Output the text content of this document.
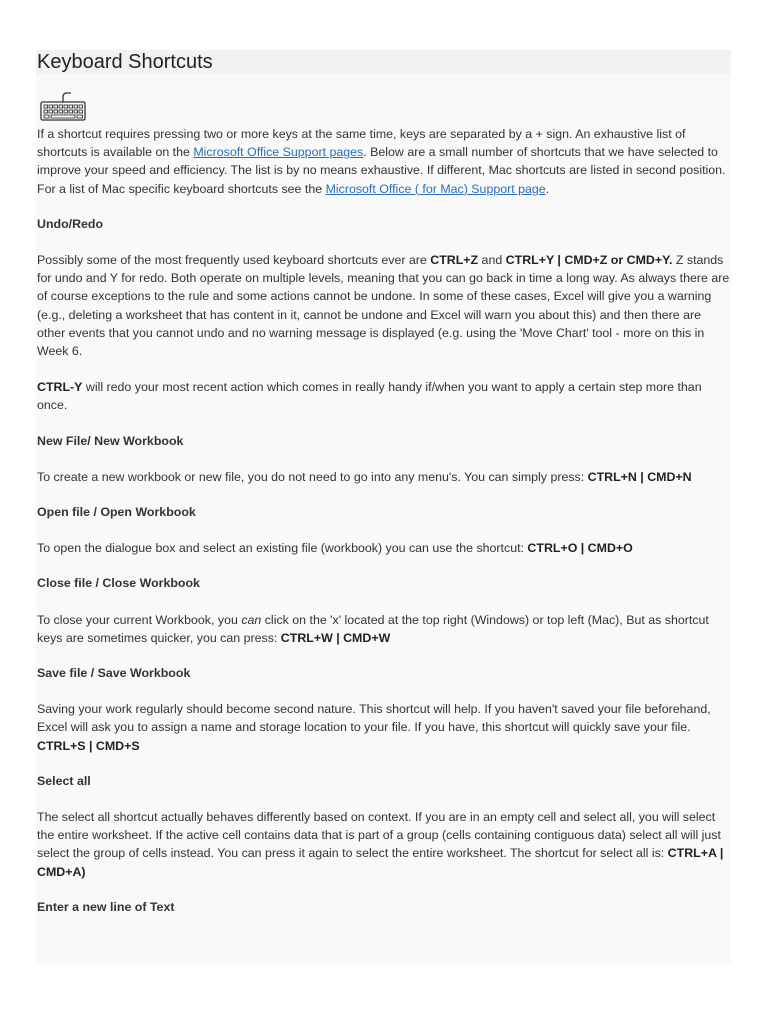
Keyboard Shortcuts

If a shortcut requires pressing two or more keys at the same time, keys are separated by a + sign. An exhaustive list of shortcuts is available on the Microsoft Office Support pages. Below are a small number of shortcuts that we have selected to improve your speed and efficiency. The list is by no means exhaustive. If different, Mac shortcuts are listed in second position. For a list of Mac specific keyboard shortcuts see the Microsoft Office ( for Mac) Support page.

Undo/Redo

Possibly some of the most frequently used keyboard shortcuts ever are CTRL+Z and CTRL+Y | CMD+Z or CMD+Y. Z stands for undo and Y for redo. Both operate on multiple levels, meaning that you can go back in time a long way. As always there are of course exceptions to the rule and some actions cannot be undone. In some of these cases, Excel will give you a warning (e.g., deleting a worksheet that has content in it, cannot be undone and Excel will warn you about this) and then there are other events that you cannot undo and no warning message is displayed (e.g. using the 'Move Chart' tool - more on this in Week 6.

CTRL-Y will redo your most recent action which comes in really handy if/when you want to apply a certain step more than once.

New File/ New Workbook

To create a new workbook or new file, you do not need to go into any menu's. You can simply press: CTRL+N | CMD+N

Open file / Open Workbook

To open the dialogue box and select an existing file (workbook) you can use the shortcut: CTRL+O | CMD+O

Close file / Close Workbook

To close your current Workbook, you can click on the 'x' located at the top right (Windows) or top left (Mac), But as shortcut keys are sometimes quicker, you can press: CTRL+W | CMD+W

Save file / Save Workbook

Saving your work regularly should become second nature. This shortcut will help. If you haven't saved your file beforehand, Excel will ask you to assign a name and storage location to your file. If you have, this shortcut will quickly save your file. CTRL+S | CMD+S

Select all

The select all shortcut actually behaves differently based on context. If you are in an empty cell and select all, you will select the entire worksheet. If the active cell contains data that is part of a group (cells containing contiguous data) select all will just select the group of cells instead. You can press it again to select the entire worksheet. The shortcut for select all is: CTRL+A | CMD+A)

Enter a new line of Text
